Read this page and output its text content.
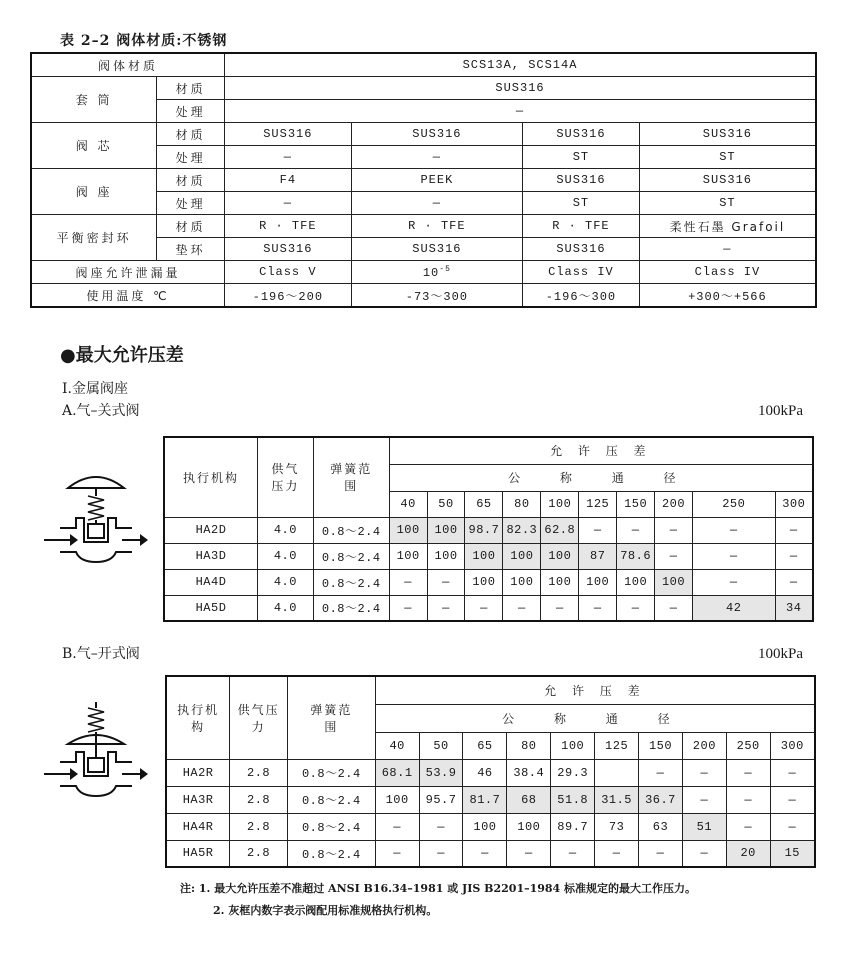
表 2–2 阀体材质:不锈钢
阀体材质		SCS13A, SCS14A			
套 筒	材质	SUS316			
	处理	—			
阀 芯	材质	SUS316	SUS316	SUS316	SUS316
	处理	—	—	ST	ST
阀 座	材质	F4	PEEK	SUS316	SUS316
	处理	—	—	ST	ST
平衡密封环	材质	R · TFE	R · TFE	R · TFE	柔性石墨 Grafoil
	垫环	SUS316	SUS316	SUS316	—
阀座允许泄漏量		Class V	$10^{-5}$	Class IV	Class IV
使用温度 ℃		-196～200	-73～300	-196～300	+300～+566
●最大允许压差
I.金属阀座
A.气–关式阀	100kPa
执行机构	供气压力	弹簧范围	允 许 压 差									
			公 称 通 径									
			40	50	65	80	100	125	150	200	250	300
HA2D	4.0	0.8～2.4	100	100	98.7	82.3	62.8	—	—	—	—	—
HA3D	4.0	0.8～2.4	100	100	100	100	100	87	78.6	—	—	—
HA4D	4.0	0.8～2.4	—	—	100	100	100	100	100	100	—	—
HA5D	4.0	0.8～2.4	—	—	—	—	—	—	—	—	42	34
B.气–开式阀	100kPa
执行机构	供气压力	弹簧范围	允 许 压 差									
			公 称 通 径									
			40	50	65	80	100	125	150	200	250	300
HA2R	2.8	0.8～2.4	68.1	53.9	46	38.4	29.3		—	—	—	—
HA3R	2.8	0.8～2.4	100	95.7	81.7	68	51.8	31.5	36.7	—	—	—
HA4R	2.8	0.8～2.4	—	—	100	100	89.7	73	63	51	—	—
HA5R	2.8	0.8～2.4	—	—	—	—	—	—	—	—	20	15
注: 1. 最大允许压差不准超过 ANSI B16.34–1981 或 JIS B2201–1984 标准规定的最大工作压力。
2. 灰框内数字表示阀配用标准规格执行机构。
